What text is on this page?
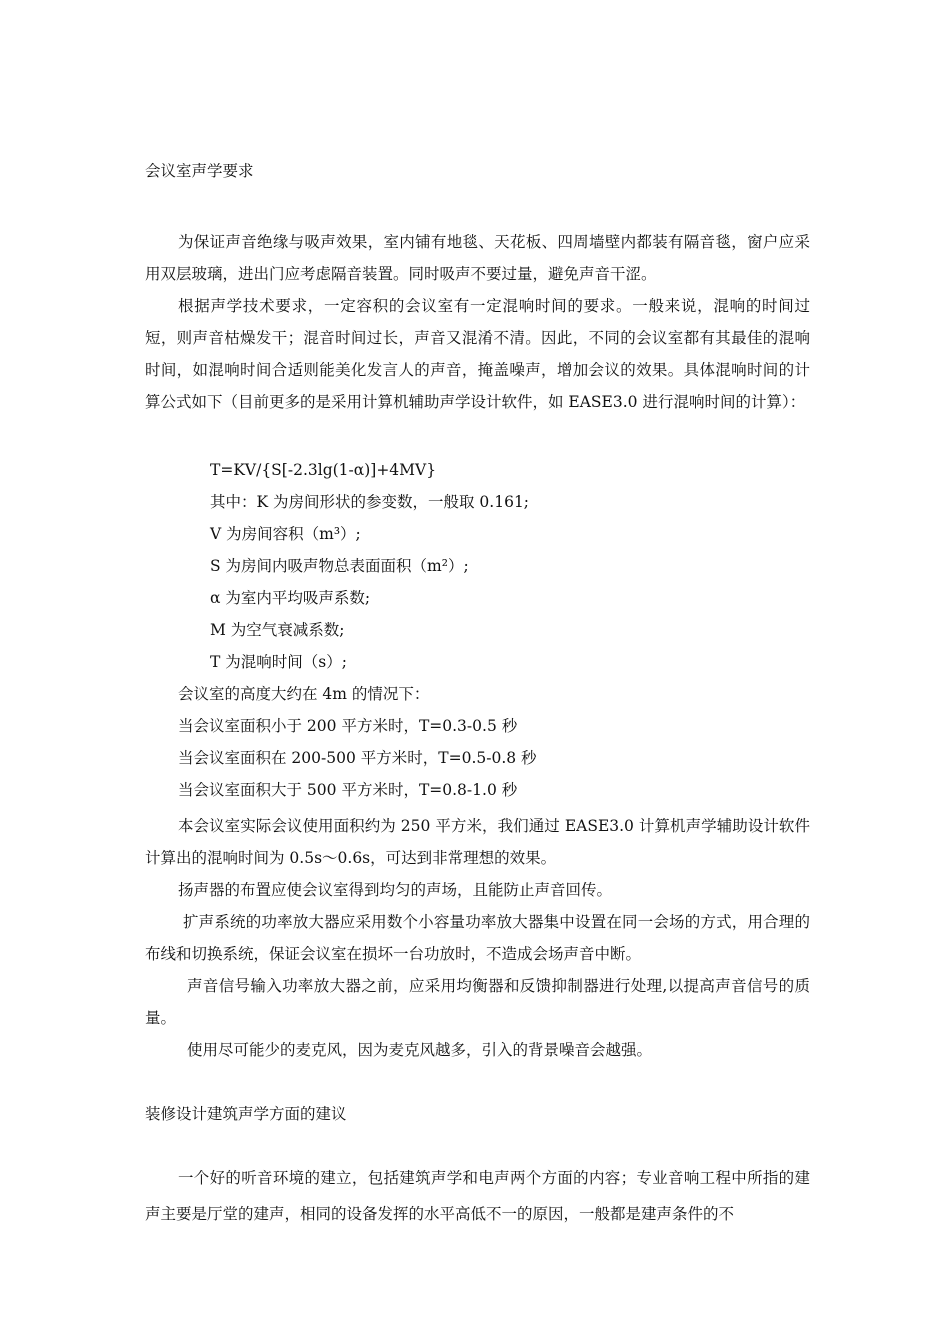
会议室声学要求

为保证声音绝缘与吸声效果，室内铺有地毯、天花板、四周墙壁内都装有隔音毯，窗户应采用双层玻璃，进出门应考虑隔音装置。同时吸声不要过量，避免声音干涩。

根据声学技术要求，一定容积的会议室有一定混响时间的要求。一般来说，混响的时间过短，则声音枯燥发干；混音时间过长，声音又混淆不清。因此，不同的会议室都有其最佳的混响时间，如混响时间合适则能美化发言人的声音，掩盖噪声，增加会议的效果。具体混响时间的计算公式如下（目前更多的是采用计算机辅助声学设计软件，如 EASE3.0 进行混响时间的计算）：

T=KV/{S[-2.3lg(1-α)]+4MV}
其中：K 为房间形状的参变数，一般取 0.161;
V 为房间容积（m³）;
S 为房间内吸声物总表面面积（m²）;
α 为室内平均吸声系数;
M 为空气衰减系数;
T 为混响时间（s）;
会议室的高度大约在 4m 的情况下：
当会议室面积小于 200 平方米时，T=0.3-0.5 秒
当会议室面积在 200-500 平方米时，T=0.5-0.8 秒
当会议室面积大于 500 平方米时，T=0.8-1.0 秒

本会议室实际会议使用面积约为 250 平方米，我们通过 EASE3.0 计算机声学辅助设计软件计算出的混响时间为 0.5s～0.6s，可达到非常理想的效果。

扬声器的布置应使会议室得到均匀的声场，且能防止声音回传。

扩声系统的功率放大器应采用数个小容量功率放大器集中设置在同一会场的方式，用合理的布线和切换系统，保证会议室在损坏一台功放时，不造成会场声音中断。

声音信号输入功率放大器之前，应采用均衡器和反馈抑制器进行处理,以提高声音信号的质量。

使用尽可能少的麦克风，因为麦克风越多，引入的背景噪音会越强。

装修设计建筑声学方面的建议

一个好的听音环境的建立，包括建筑声学和电声两个方面的内容；专业音响工程中所指的建声主要是厅堂的建声，相同的设备发挥的水平高低不一的原因，一般都是建声条件的不
